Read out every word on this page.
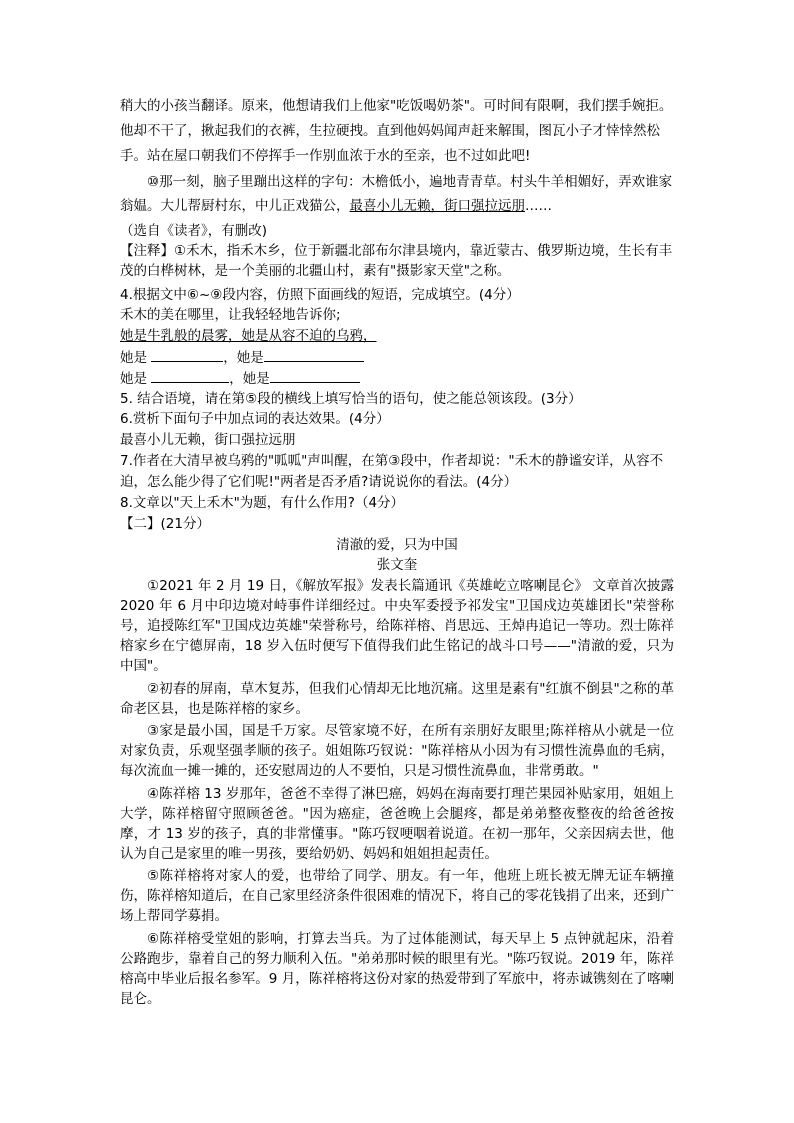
稍大的小孩当翻译。原来，他想请我们上他家"吃饭喝奶茶"。可时间有限啊，我们摆手婉拒。他却不干了，揪起我们的衣裤，生拉硬拽。直到他妈妈闻声赶来解围，图瓦小子才悻悻然松手。站在屋口朝我们不停挥手一作别血浓于水的至亲，也不过如此吧!
⑩那一刻，脑子里蹦出这样的字句：木檐低小，遍地青青草。村头牛羊相媚好，弄欢谁家翁媪。大儿帮厨村东，中儿正戏猫公，最喜小儿无赖，街口强拉远朋……
（选自《读者》，有删改)
【注释】①禾木，指禾木乡，位于新疆北部布尔津县境内，靠近蒙古、俄罗斯边境，生长有丰茂的白桦树林，是一个美丽的北疆山村，素有"摄影家天堂"之称。
4.根据文中⑥~⑨段内容，仿照下面画线的短语，完成填空。(4分）
禾木的美在哪里，让我轻轻地告诉你;
她是牛乳般的晨雾，她是从容不迫的乌鸦，
她是	，她是
她是	，她是
5. 结合语境，请在第⑤段的横线上填写恰当的语句，使之能总领该段。(3分）
6.赏析下面句子中加点词的表达效果。(4分）
最喜小儿无赖，街口强拉远朋
7.作者在大清早被乌鸦的"呱呱"声叫醒，在第③段中，作者却说："禾木的静谧安详，从容不迫，怎么能少得了它们呢!"两者是否矛盾?请说说你的看法。(4分）
8.文章以"天上禾木"为题，有什么作用?（4分）
【二】(21分）
清澈的爱，只为中国
张文奎
①2021 年 2 月 19 日，《解放军报》发表长篇通讯《英雄屹立喀喇昆仑》 文章首次披露 2020 年 6 月中印边境对峙事件详细经过。中央军委授予祁发宝"卫国戍边英雄团长"荣誉称号，追授陈红军"卫国戍边英雄"荣誉称号，给陈祥榕、肖思远、王焯冉追记一等功。烈士陈祥榕家乡在宁德屏南，18 岁入伍时便写下值得我们此生铭记的战斗口号——"清澈的爱，只为中国"。
②初春的屏南，草木复苏，但我们心情却无比地沉痛。这里是素有"红旗不倒县"之称的革命老区县，也是陈祥榕的家乡。
③家是最小国，国是千万家。尽管家境不好，在所有亲朋好友眼里;陈祥榕从小就是一位对家负责，乐观坚强孝顺的孩子。姐姐陈巧钗说："陈祥榕从小因为有习惯性流鼻血的毛病，每次流血一摊一摊的，还安慰周边的人不要怕，只是习惯性流鼻血，非常勇敢。"
④陈祥榕 13 岁那年，爸爸不幸得了淋巴癌，妈妈在海南要打理芒果园补贴家用，姐姐上大学，陈祥榕留守照顾爸爸。"因为癌症，爸爸晚上会腿疼，都是弟弟整夜整夜的给爸爸按摩，才 13 岁的孩子，真的非常懂事。"陈巧钗哽咽着说道。在初一那年，父亲因病去世，他认为自己是家里的唯一男孩，要给奶奶、妈妈和姐姐担起责任。
⑤陈祥榕将对家人的爱，也带给了同学、朋友。有一年，他班上班长被无牌无证车辆撞伤，陈祥榕知道后，在自己家里经济条件很困难的情况下，将自己的零花钱捐了出来，还到广场上帮同学募捐。
⑥陈祥榕受堂姐的影响，打算去当兵。为了过体能测试，每天早上 5 点钟就起床，沿着公路跑步，靠着自己的努力顺利入伍。"弟弟那时候的眼里有光。"陈巧钗说。2019 年，陈祥榕高中毕业后报名参军。9 月，陈祥榕将这份对家的热爱带到了军旅中，将赤诚镌刻在了喀喇昆仑。
